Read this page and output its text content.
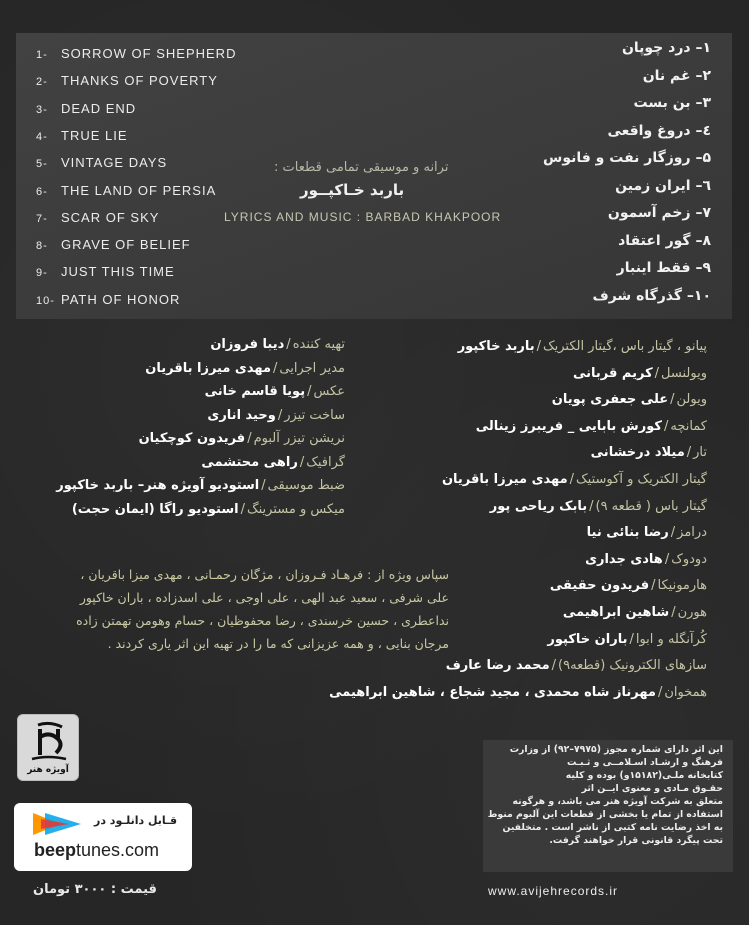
1- SORROW OF SHEPHERD
2- THANKS OF POVERTY
3- DEAD END
4- TRUE LIE
5- VINTAGE DAYS
6- THE LAND OF PERSIA
7- SCAR OF SKY
8- GRAVE OF BELIEF
9- JUST THIS TIME
10- PATH OF HONOR
۱– درد چوپان
۲– غم نان
۳– بن بست
٤– دروغ واقعی
۵– روزگار نفت و فانوس
٦– ایران زمین
۷– زخم آسمون
۸– گور اعتقاد
۹– فقط اینبار
۱۰– گذرگاه شرف
ترانه و موسیقی تمامی قطعات :
باربد خـاکپــور
LYRICS AND MUSIC : BARBAD KHAKPOOR
تهیه کننده/دیبا فروزان
مدیر اجرایی/مهدی میرزا باقریان
عکس/پویا قاسم خانی
ساخت تیزر/وحید اناری
نریشن تیزر آلبوم/فریدون کوچکیان
گرافیک/راهی محتشمی
ضبط موسیقی/استودیو آویژه هنر– باربد خاکپور
میکس و مسترینگ/استودیو راگا (ایمان حجت)
پیانو ، گیتار باس ،گیتار الکتریک/باربد خاکپور
ویولنسل/کریم قربانی
ویولن/علی جعفری پویان
کمانچه/کورش بابایی _ فریبرز زینالی
تار/میلاد درخشانی
گیتار الکتریک و آکوستیک/مهدی میرزا باقریان
گیتار باس ( قطعه ۹)/بابک ریاحی پور
درامز/رضا بنائی نیا
دودوک/هادی جداری
هارمونیکا/فریدون حقیقی
هورن/شاهین ابراهیمی
کُرآنگله و ابوا/باران خاکپور
سازهای الکترونیک (قطعه۹)/محمد رضا عارف
همخوان/مهرناز شاه محمدی ، مجید شجاع ، شاهین ابراهیمی
سپاس ویژه از : فرهـاد فـروزان ، مژگان رحمـانی ، مهدی میزا باقریان ،
علی شرفی ، سعید عبد الهی ، علی اوجی ، علی اسدزاده ، باران خاکپور
نداعطری ، حسین خرسندی ، رضا محفوظیان ، حسام وهومن تهمتن زاده
مرجان بنایی ، و همه عزیزانی که ما را در تهیه این اثر یاری کردند .
آویژه هنر
قـابل دانلـود در
beeptunes.com
قیمت : ۳۰۰۰ تومان
این اثر دارای شماره مجوز (۷۹۷۵–۹۲) از وزارت
فرهنگ و ارشـاد اسـلامــی و ثـبـت
کتابخانه ملـی(۱۵۱۸۲و) بوده و کلیه
حقـوق مـادی و معنوی ایــن اثر
متعلق به شرکت آویژه هنر می باشد، و هرگونه
استفاده از تمام یا بخشی از قطعات این آلبوم منوط
به اخذ رضایت نامه کتبی از ناشر است . متخلفین
تحت پیگرد قانونی قرار خواهند گرفت.
www.avijehrecords.ir
